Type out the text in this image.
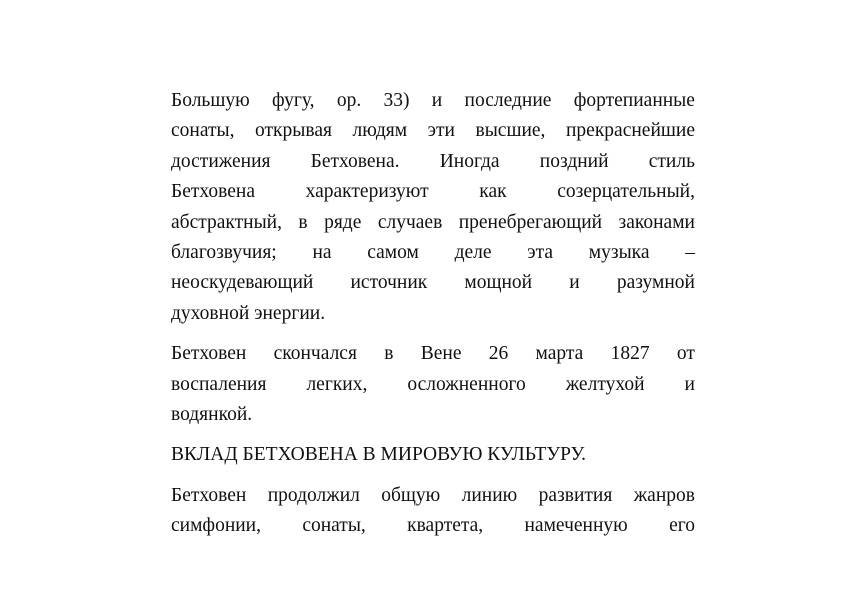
Большую фугу, ор. 33) и последние фортепианные
сонаты, открывая людям эти высшие, прекраснейшие
достижения Бетховена. Иногда поздний стиль
Бетховена	характеризуют	как	созерцательный,
абстрактный, в ряде случаев пренебрегающий законами
благозвучия; на самом деле эта музыка –
неоскудевающий источник мощной и разумной
духовной энергии.
Бетховен скончался в Вене 26 марта 1827 от
воспаления легких, осложненного желтухой и
водянкой.
ВКЛАД БЕТХОВЕНА В МИРОВУЮ КУЛЬТУРУ.
Бетховен продолжил общую линию развития жанров
симфонии, сонаты, квартета, намеченную его
